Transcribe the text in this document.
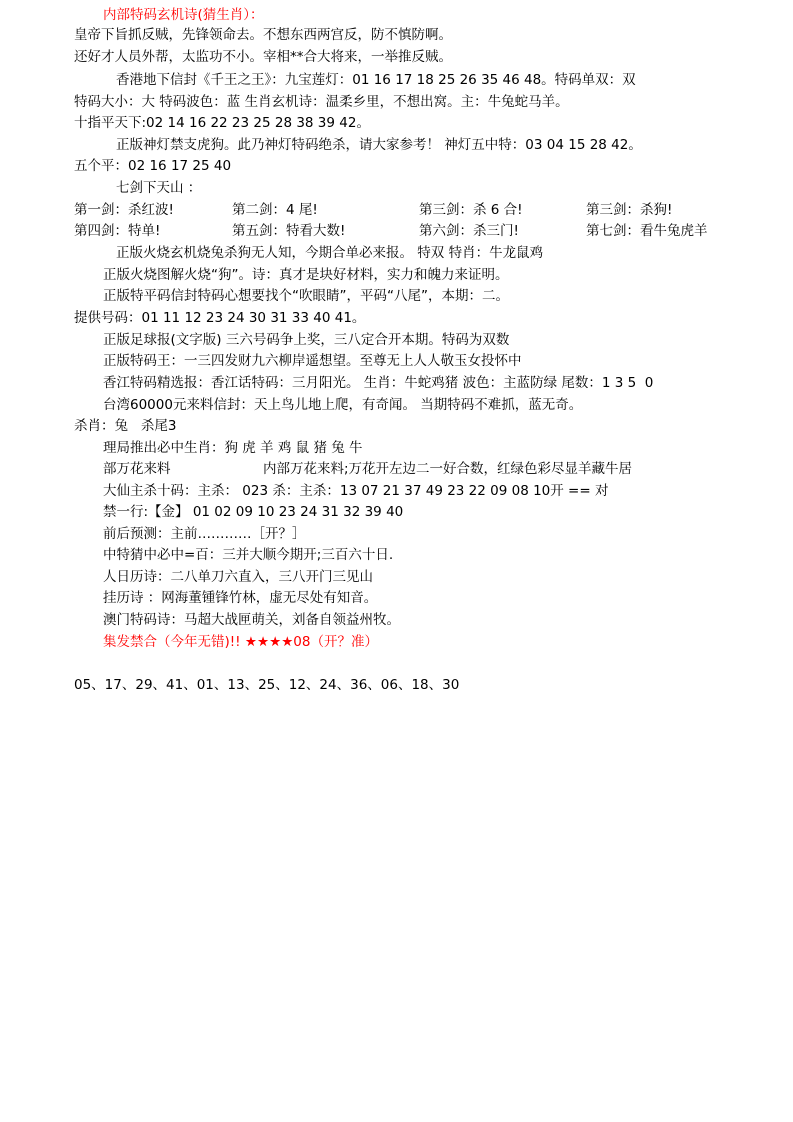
内部特码玄机诗(猜生肖）：

皇帝下旨抓反贼，先锋领命去。不想东西两宫反，防不慎防啊。
还好才人员外帮，太监功不小。宰相**合大将来，一举推反贼。
香港地下信封《千王之王》：九宝莲灯：01 16 17 18 25 26 35 46 48。特码单双：双
特码大小：大 特码波色：蓝 生肖玄机诗：温柔乡里，不想出窝。主：牛兔蛇马羊。
十指平天下:02 14 16 22 23 25 28 38 39 42。
正版神灯禁支虎狗。此乃神灯特码绝杀，请大家参考！ 神灯五中特：03 04 15 28 42。
五个平：02 16 17 25 40
七剑下天山 ：
第一剑：杀红波!	第二剑：4 尾!	第三剑：杀 6 合!	第三剑：杀狗!
第四剑：特单!	第五剑：特看大数!	第六剑：杀三门!	第七剑：看牛兔虎羊
正版火烧玄机烧兔杀狗无人知，今期合单必来报。 特双 特肖：牛龙鼠鸡
正版火烧图解火烧“狗”。诗：真才是块好材料，实力和魄力来证明。
正版特平码信封特码心想要找个“吹眼睛”，平码“八尾”，本期：二。
提供号码：01 11 12 23 24 30 31 33 40 41。
正版足球报(文字版) 三六号码争上奖，三八定合开本期。特码为双数
正版特码王：一三四发财九六柳岸遥想望。至尊无上人人敬玉女投怀中
香江特码精选报：香江话特码：三月阳光。 生肖：牛蛇鸡猪 波色：主蓝防绿 尾数：1 3 5  0
台湾60000元来料信封：天上鸟儿地上爬，有奇闻。 当期特码不难抓，蓝无奇。
杀肖：兔   杀尾3
理局推出必中生肖：狗 虎 羊 鸡 鼠 猪 兔 牛
部万花来料	内部万花来料;万花开左边二一好合数，红绿色彩尽显羊藏牛居
大仙主杀十码：主杀： 023 杀：主杀：13 07 21 37 49 23 22 09 08 10开 == 对
禁一行:【金】 01 02 09 10 23 24 31 32 39 40
前后预测：主前…………［开？］
中特猜中必中=百：三并大顺今期开;三百六十日.
人日历诗：二八单刀六直入，三八开门三见山
挂历诗 ：网海董锺锋竹林，虚无尽处有知音。
澳门特码诗：马超大战匣萌关，刘备自领益州牧。
集发禁合（今年无错)!! ★★★★08（开？准）

05、17、29、41、01、13、25、12、24、36、06、18、30
